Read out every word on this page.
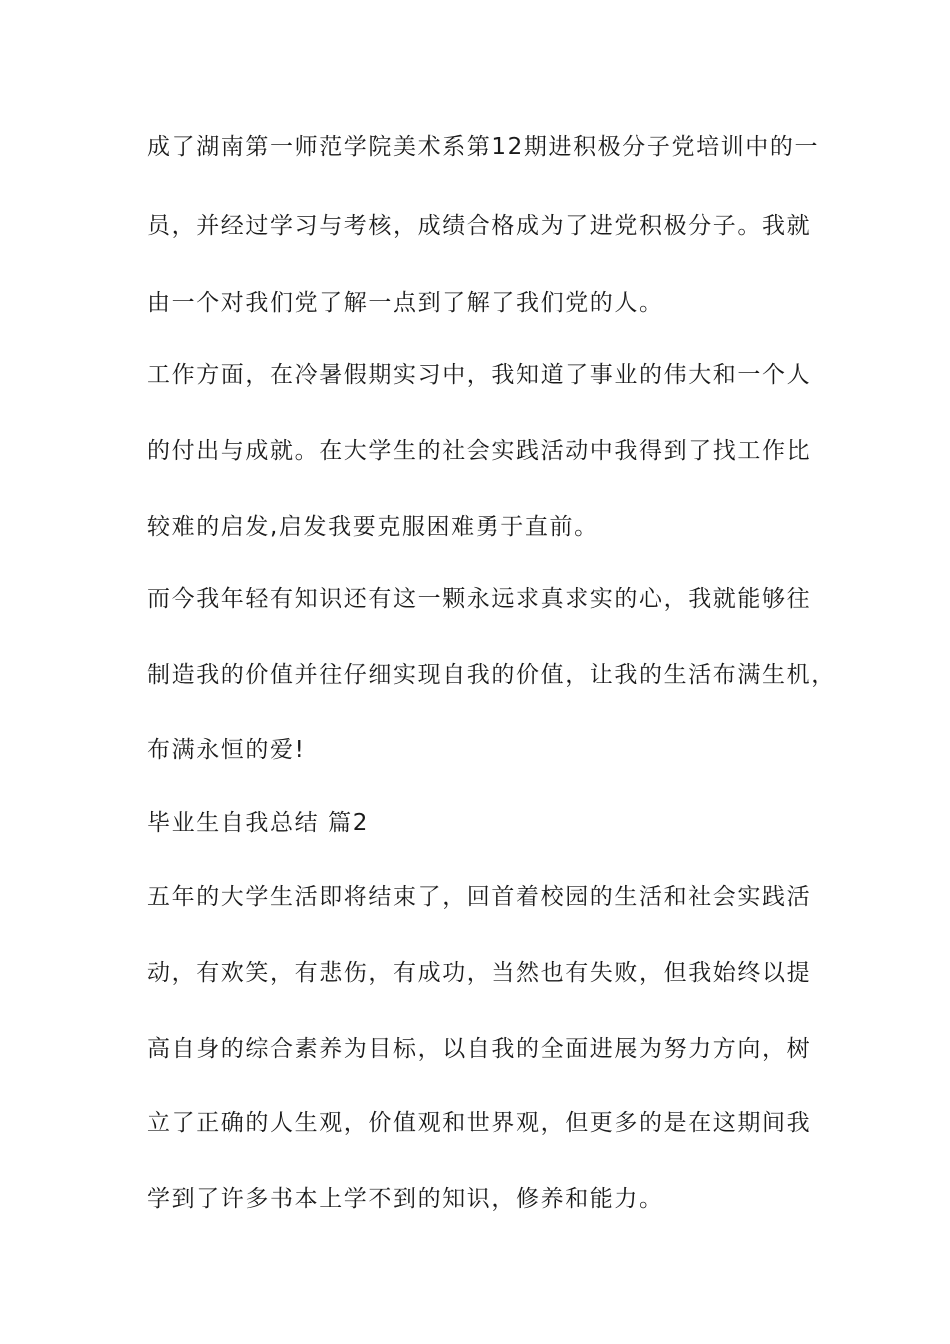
成了湖南第一师范学院美术系第12期进积极分子党培训中的一
员，并经过学习与考核，成绩合格成为了进党积极分子。我就
由一个对我们党了解一点到了解了我们党的人。
工作方面，在冷暑假期实习中，我知道了事业的伟大和一个人
的付出与成就。在大学生的社会实践活动中我得到了找工作比
较难的启发,启发我要克服困难勇于直前。
而今我年轻有知识还有这一颗永远求真求实的心，我就能够往
制造我的价值并往仔细实现自我的价值，让我的生活布满生机，
布满永恒的爱!
毕业生自我总结 篇2
五年的大学生活即将结束了，回首着校园的生活和社会实践活
动，有欢笑，有悲伤，有成功，当然也有失败，但我始终以提
高自身的综合素养为目标，以自我的全面进展为努力方向，树
立了正确的人生观，价值观和世界观，但更多的是在这期间我
学到了许多书本上学不到的知识，修养和能力。
